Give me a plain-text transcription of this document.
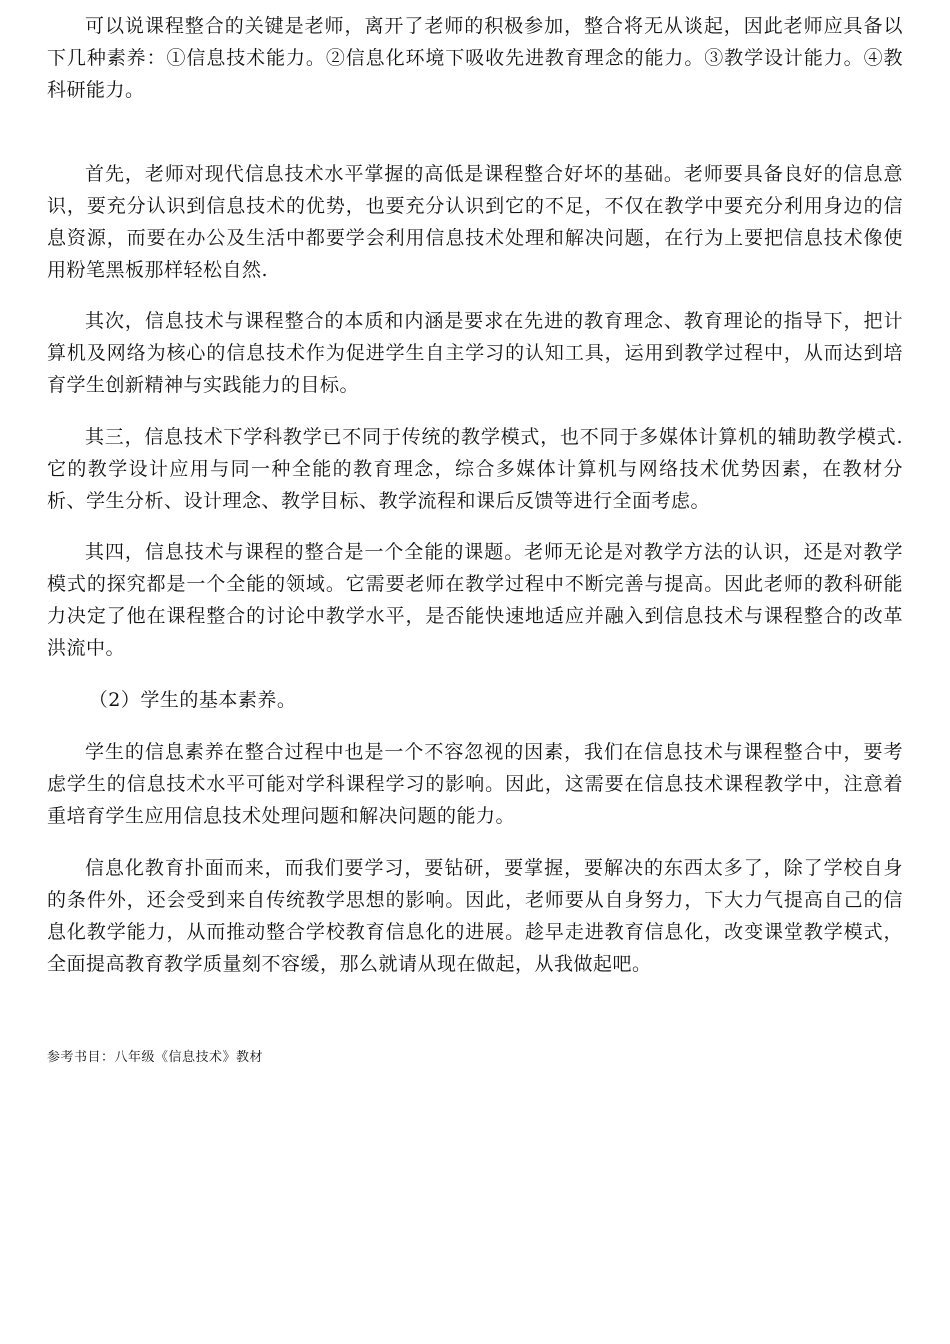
可以说课程整合的关键是老师，离开了老师的积极参加，整合将无从谈起，因此老师应具备以下几种素养：①信息技术能力。②信息化环境下吸收先进教育理念的能力。③教学设计能力。④教科研能力。

首先，老师对现代信息技术水平掌握的高低是课程整合好坏的基础。老师要具备良好的信息意识，要充分认识到信息技术的优势，也要充分认识到它的不足，不仅在教学中要充分利用身边的信息资源，而要在办公及生活中都要学会利用信息技术处理和解决问题，在行为上要把信息技术像使用粉笔黑板那样轻松自然.

其次，信息技术与课程整合的本质和内涵是要求在先进的教育理念、教育理论的指导下，把计算机及网络为核心的信息技术作为促进学生自主学习的认知工具，运用到教学过程中，从而达到培育学生创新精神与实践能力的目标。

其三，信息技术下学科教学已不同于传统的教学模式，也不同于多媒体计算机的辅助教学模式.它的教学设计应用与同一种全能的教育理念，综合多媒体计算机与网络技术优势因素，在教材分析、学生分析、设计理念、教学目标、教学流程和课后反馈等进行全面考虑。

其四，信息技术与课程的整合是一个全能的课题。老师无论是对教学方法的认识，还是对教学模式的探究都是一个全能的领域。它需要老师在教学过程中不断完善与提高。因此老师的教科研能力决定了他在课程整合的讨论中教学水平，是否能快速地适应并融入到信息技术与课程整合的改革洪流中。

（2）学生的基本素养。

学生的信息素养在整合过程中也是一个不容忽视的因素，我们在信息技术与课程整合中，要考虑学生的信息技术水平可能对学科课程学习的影响。因此，这需要在信息技术课程教学中，注意着重培育学生应用信息技术处理问题和解决问题的能力。

信息化教育扑面而来，而我们要学习，要钻研，要掌握，要解决的东西太多了，除了学校自身的条件外，还会受到来自传统教学思想的影响。因此，老师要从自身努力，下大力气提高自己的信息化教学能力，从而推动整合学校教育信息化的进展。趁早走进教育信息化，改变课堂教学模式，全面提高教育教学质量刻不容缓，那么就请从现在做起，从我做起吧。

参考书目：八年级《信息技术》教材
